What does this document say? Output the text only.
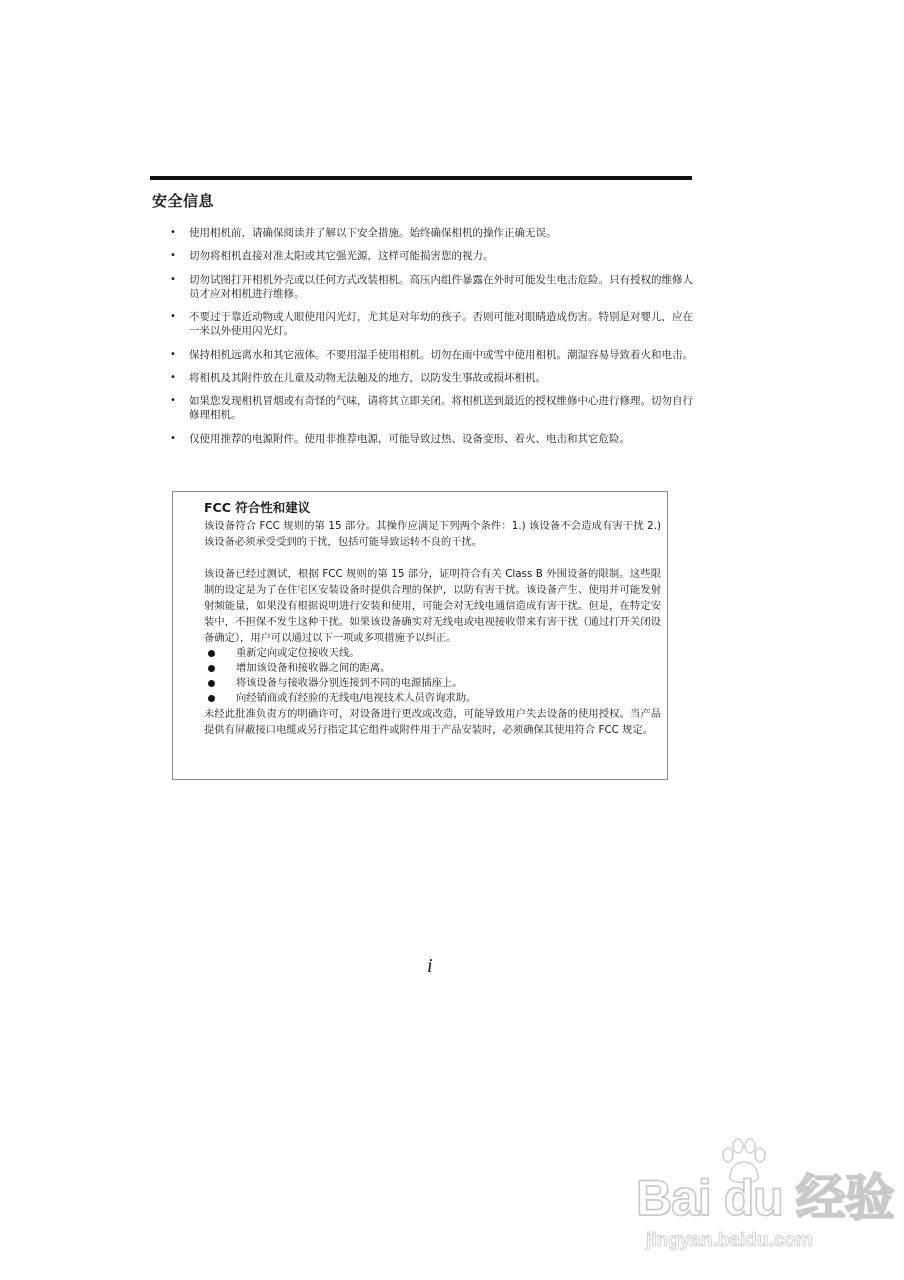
安全信息
• 使用相机前，请确保阅读并了解以下安全措施。始终确保相机的操作正确无误。
• 切勿将相机直接对准太阳或其它强光源，这样可能损害您的视力。
• 切勿试图打开相机外壳或以任何方式改装相机。高压内组件暴露在外时可能发生电击危险。只有授权的维修人员才应对相机进行维修。
• 不要过于靠近动物或人眼使用闪光灯，尤其是对年幼的孩子。否则可能对眼睛造成伤害。特别是对婴儿，应在一米以外使用闪光灯。
• 保持相机远离水和其它液体。不要用湿手使用相机。切勿在雨中或雪中使用相机。潮湿容易导致着火和电击。
• 将相机及其附件放在儿童及动物无法触及的地方，以防发生事故或损坏相机。
• 如果您发现相机冒烟或有奇怪的气味，请将其立即关闭。将相机送到最近的授权维修中心进行修理。切勿自行修理相机。
• 仅使用推荐的电源附件。使用非推荐电源，可能导致过热、设备变形、着火、电击和其它危险。
FCC 符合性和建议

该设备符合 FCC 规则的第 15 部分。其操作应满足下列两个条件：1.) 该设备不会造成有害干扰 2.) 该设备必须承受受到的干扰，包括可能导致运转不良的干扰。

该设备已经过测试，根据 FCC 规则的第 15 部分，证明符合有关 Class B 外围设备的限制。这些限制的设定是为了在住宅区安装设备时提供合理的保护，以防有害干扰。该设备产生、使用并可能发射射频能量，如果没有根据说明进行安装和使用，可能会对无线电通信造成有害干扰。但是，在特定安装中，不担保不发生这种干扰。如果该设备确实对无线电或电视接收带来有害干扰（通过打开关闭设备确定），用户可以通过以下一项或多项措施予以纠正。

重新定向或定位接收天线。
增加该设备和接收器之间的距离。
将该设备与接收器分别连接到不同的电源插座上。
向经销商或有经验的无线电/电视技术人员咨询求助。

未经此批准负责方的明确许可，对设备进行更改或改造，可能导致用户失去设备的使用授权。当产品提供有屏蔽接口电缆或另行指定其它组件或附件用于产品安装时，必须确保其使用符合 FCC 规定。

i
Bai du 经验
jingyan.baidu.com
